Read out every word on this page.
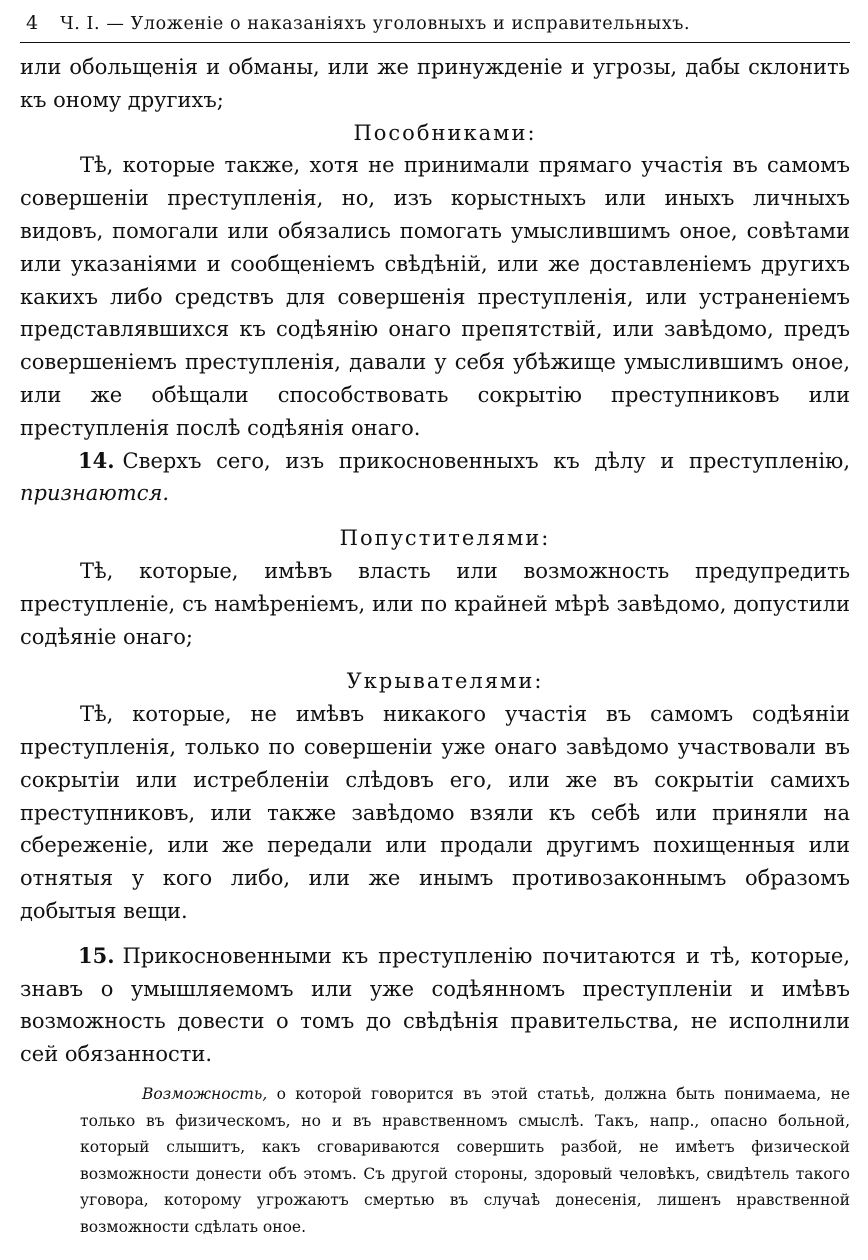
4 Ч. I. — Уложеніе о наказаніяхъ уголовныхъ и исправительныхъ.

или обольщенія и обманы, или же принужденіе и угрозы, дабы склонить къ оному другихъ;

Пособниками:

Тѣ, которые также, хотя не принимали прямаго участія въ самомъ совершеніи преступленія, но, изъ корыстныхъ или иныхъ личныхъ видовъ, помогали или обязались помогать умыслившимъ оное, совѣтами или указаніями и сообщеніемъ свѣдѣній, или же доставленіемъ другихъ какихъ либо средствъ для совершенія преступленія, или устраненіемъ представлявшихся къ содѣянію онаго препятствій, или завѣдомо, предъ совершеніемъ преступленія, давали у себя убѣжище умыслившимъ оное, или же обѣщали способствовать сокрытію преступниковъ или преступленія послѣ содѣянія онаго.

14. Сверхъ сего, изъ прикосновенныхъ къ дѣлу и преступленію, признаются.

Попустителями:

Тѣ, которые, имѣвъ власть или возможность предупредить преступленіе, съ намѣреніемъ, или по крайней мѣрѣ завѣдомо, допустили содѣяніе онаго;

Укрывателями:

Тѣ, которые, не имѣвъ никакого участія въ самомъ содѣяніи преступленія, только по совершеніи уже онаго завѣдомо участвовали въ сокрытіи или истребленіи слѣдовъ его, или же въ сокрытіи самихъ преступниковъ, или также завѣдомо взяли къ себѣ или приняли на сбереженіе, или же передали или продали другимъ похищенныя или отнятыя у кого либо, или же инымъ противозаконнымъ образомъ добытыя вещи.

15. Прикосновенными къ преступленію почитаются и тѣ, которые, знавъ о умышляемомъ или уже содѣянномъ преступленіи и имѣвъ возможность довести о томъ до свѣдѣнія правительства, не исполнили сей обязанности.

Возможность, о которой говорится въ этой статьѣ, должна быть понимаема, не только въ физическомъ, но и въ нравственномъ смыслѣ. Такъ, напр., опасно больной, который слышитъ, какъ сговариваются совершить разбой, не имѣетъ физической возможности донести объ этомъ. Съ другой стороны, здоровый человѣкъ, свидѣтель такого уговора, которому угрожаютъ смертью въ случаѣ донесенія, лишенъ нравственной возможности сдѣлать оное.
